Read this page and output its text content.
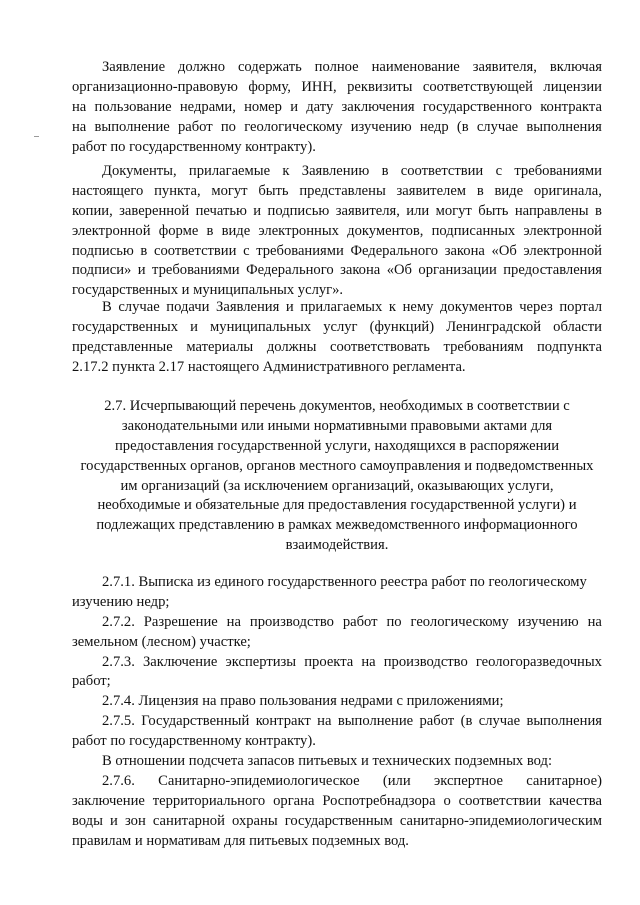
Заявление должно содержать полное наименование заявителя, включая
организационно-правовую форму, ИНН, реквизиты соответствующей лицензии
на пользование недрами, номер и дату заключения государственного контракта
на выполнение работ по геологическому изучению недр (в случае выполнения
работ по государственному контракту).
Документы, прилагаемые к Заявлению в соответствии с требованиями
настоящего пункта, могут быть представлены заявителем в виде оригинала,
копии, заверенной печатью и подписью заявителя, или могут быть направлены в
электронной форме в виде электронных документов, подписанных электронной
подписью в соответствии с требованиями Федерального закона «Об электронной
подписи» и требованиями Федерального закона «Об организации предоставления
государственных и муниципальных услуг».
В случае подачи Заявления и прилагаемых к нему документов через портал
государственных и муниципальных услуг (функций) Ленинградской области
представленные материалы должны соответствовать требованиям подпункта
2.17.2 пункта 2.17 настоящего Административного регламента.
2.7. Исчерпывающий перечень документов, необходимых в соответствии с
законодательными или иными нормативными правовыми актами для
предоставления государственной услуги, находящихся в распоряжении
государственных органов, органов местного самоуправления и подведомственных
им организаций (за исключением организаций, оказывающих услуги,
необходимые и обязательные для предоставления государственной услуги) и
подлежащих представлению в рамках межведомственного информационного
взаимодействия.
2.7.1. Выписка из единого государственного реестра работ по геологическому
изучению недр;
2.7.2. Разрешение на производство работ по геологическому изучению на
земельном (лесном) участке;
2.7.3. Заключение экспертизы проекта на производство геологоразведочных
работ;
2.7.4. Лицензия на право пользования недрами с приложениями;
2.7.5. Государственный контракт на выполнение работ (в случае выполнения
работ по государственному контракту).
В отношении подсчета запасов питьевых и технических подземных вод:
2.7.6. Санитарно-эпидемиологическое (или экспертное санитарное)
заключение территориального органа Роспотребнадзора о соответствии качества
воды и зон санитарной охраны государственным санитарно-эпидемиологическим
правилам и нормативам для питьевых подземных вод.
